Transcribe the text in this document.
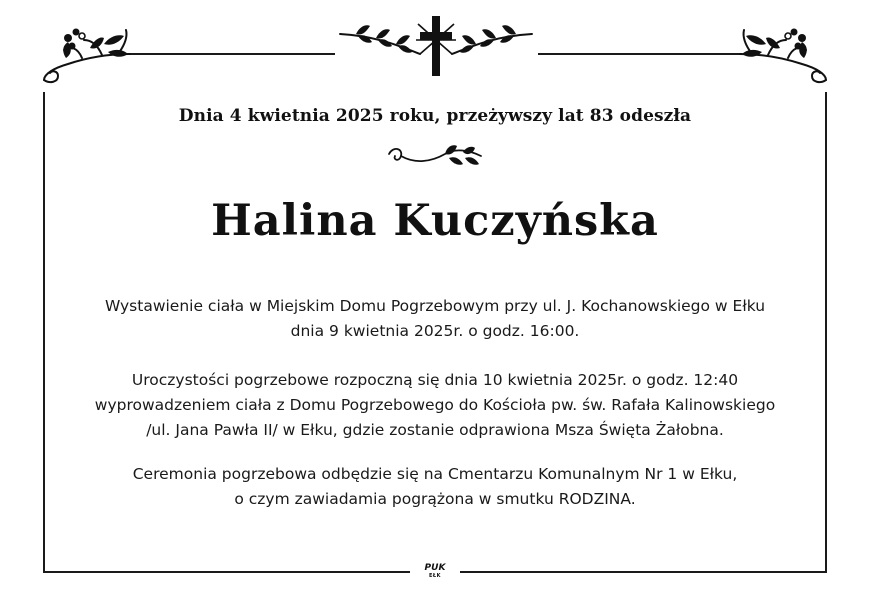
Dnia 4 kwietnia 2025 roku, przeżywszy lat 83 odeszła
Halina Kuczyńska
Wystawienie ciała w Miejskim Domu Pogrzebowym przy ul. J. Kochanowskiego w Ełku
dnia 9 kwietnia 2025r. o godz. 16:00.
Uroczystości pogrzebowe rozpoczną się dnia 10 kwietnia 2025r. o godz. 12:40
wyprowadzeniem ciała z Domu Pogrzebowego do Kościoła pw. św. Rafała Kalinowskiego
/ul. Jana Pawła II/ w Ełku, gdzie zostanie odprawiona Msza Święta Żałobna.
Ceremonia pogrzebowa odbędzie się na Cmentarzu Komunalnym Nr 1 w Ełku,
o czym zawiadamia pogrążona w smutku RODZINA.
PUK
EŁK
